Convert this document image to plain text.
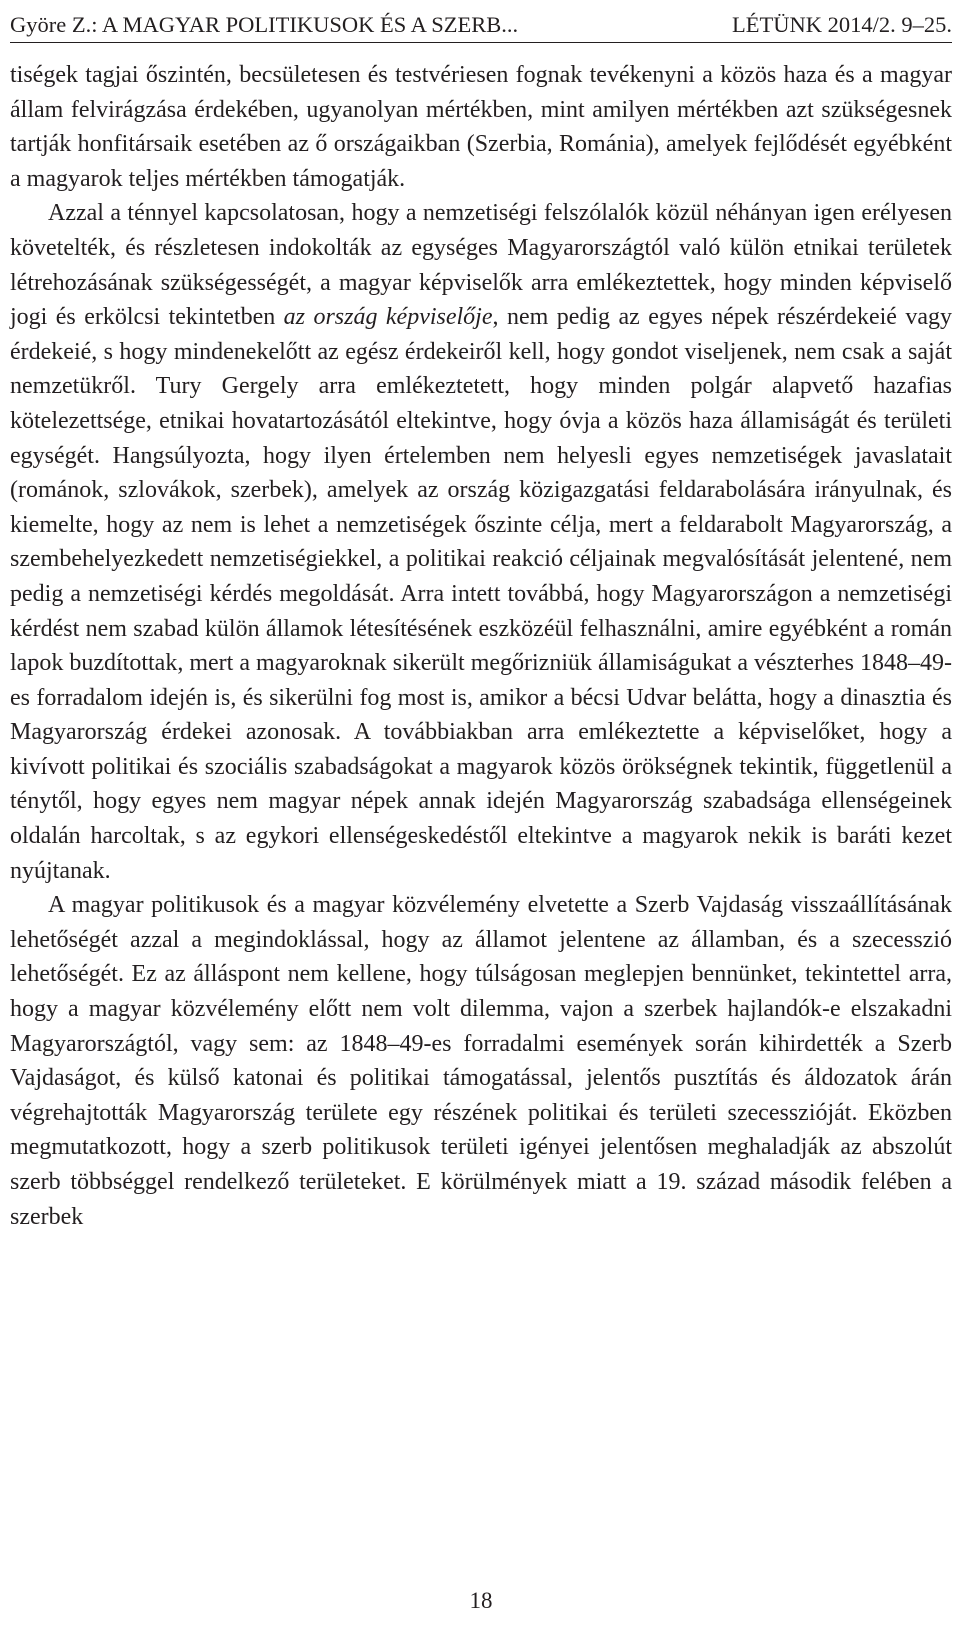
Györe Z.: A MAGYAR POLITIKUSOK ÉS A SZERB...	LÉTÜNK 2014/2. 9–25.

tiségek tagjai őszintén, becsületesen és testvériesen fognak tevékenyni a közös haza és a magyar állam felvirágzása érdekében, ugyanolyan mértékben, mint amilyen mértékben azt szükségesnek tartják honfitársaik esetében az ő országaikban (Szerbia, Románia), amelyek fejlődését egyébként a magyarok teljes mértékben támogatják.

Azzal a ténnyel kapcsolatosan, hogy a nemzetiségi felszólalók közül néhányan igen erélyesen követelték, és részletesen indokolták az egységes Magyarországtól való külön etnikai területek létrehozásának szükségességét, a magyar képviselők arra emlékeztettek, hogy minden képviselő jogi és erkölcsi tekintetben az ország képviselője, nem pedig az egyes népek részérdekeié vagy érdekeié, s hogy mindenekelőtt az egész érdekeiről kell, hogy gondot viseljenek, nem csak a saját nemzetükről. Tury Gergely arra emlékeztetett, hogy minden polgár alapvető hazafias kötelezettsége, etnikai hovatartozásától eltekintve, hogy óvja a közös haza államiságát és területi egységét. Hangsúlyozta, hogy ilyen értelemben nem helyesli egyes nemzetiségek javaslatait (románok, szlovákok, szerbek), amelyek az ország közigazgatási feldarabolására irányulnak, és kiemelte, hogy az nem is lehet a nemzetiségek őszinte célja, mert a feldarabolt Magyarország, a szembehelyezkedett nemzetiségiekkel, a politikai reakció céljainak megvalósítását jelentené, nem pedig a nemzetiségi kérdés megoldását. Arra intett továbbá, hogy Magyarországon a nemzetiségi kérdést nem szabad külön államok létesítésének eszközéül felhasználni, amire egyébként a román lapok buzdítottak, mert a magyaroknak sikerült megőrizniük államiságukat a vészterhes 1848–49-es forradalom idején is, és sikerülni fog most is, amikor a bécsi Udvar belátta, hogy a dinasztia és Magyarország érdekei azonosak. A továbbiakban arra emlékeztette a képviselőket, hogy a kivívott politikai és szociális szabadságokat a magyarok közös örökségnek tekintik, függetlenül a ténytől, hogy egyes nem magyar népek annak idején Magyarország szabadsága ellenségeinek oldalán harcoltak, s az egykori ellenségeskedéstől eltekintve a magyarok nekik is baráti kezet nyújtanak.

A magyar politikusok és a magyar közvélemény elvetette a Szerb Vajdaság visszaállításának lehetőségét azzal a megindoklással, hogy az államot jelentene az államban, és a szecesszió lehetőségét. Ez az álláspont nem kellene, hogy túlságosan meglepjen bennünket, tekintettel arra, hogy a magyar közvélemény előtt nem volt dilemma, vajon a szerbek hajlandók-e elszakadni Magyarországtól, vagy sem: az 1848–49-es forradalmi események során kihirdették a Szerb Vajdaságot, és külső katonai és politikai támogatással, jelentős pusztítás és áldozatok árán végrehajtották Magyarország területe egy részének politikai és területi szecesszióját. Eközben megmutatkozott, hogy a szerb politikusok területi igényei jelentősen meghaladják az abszolút szerb többséggel rendelkező területeket. E körülmények miatt a 19. század második felében a szerbek

18
